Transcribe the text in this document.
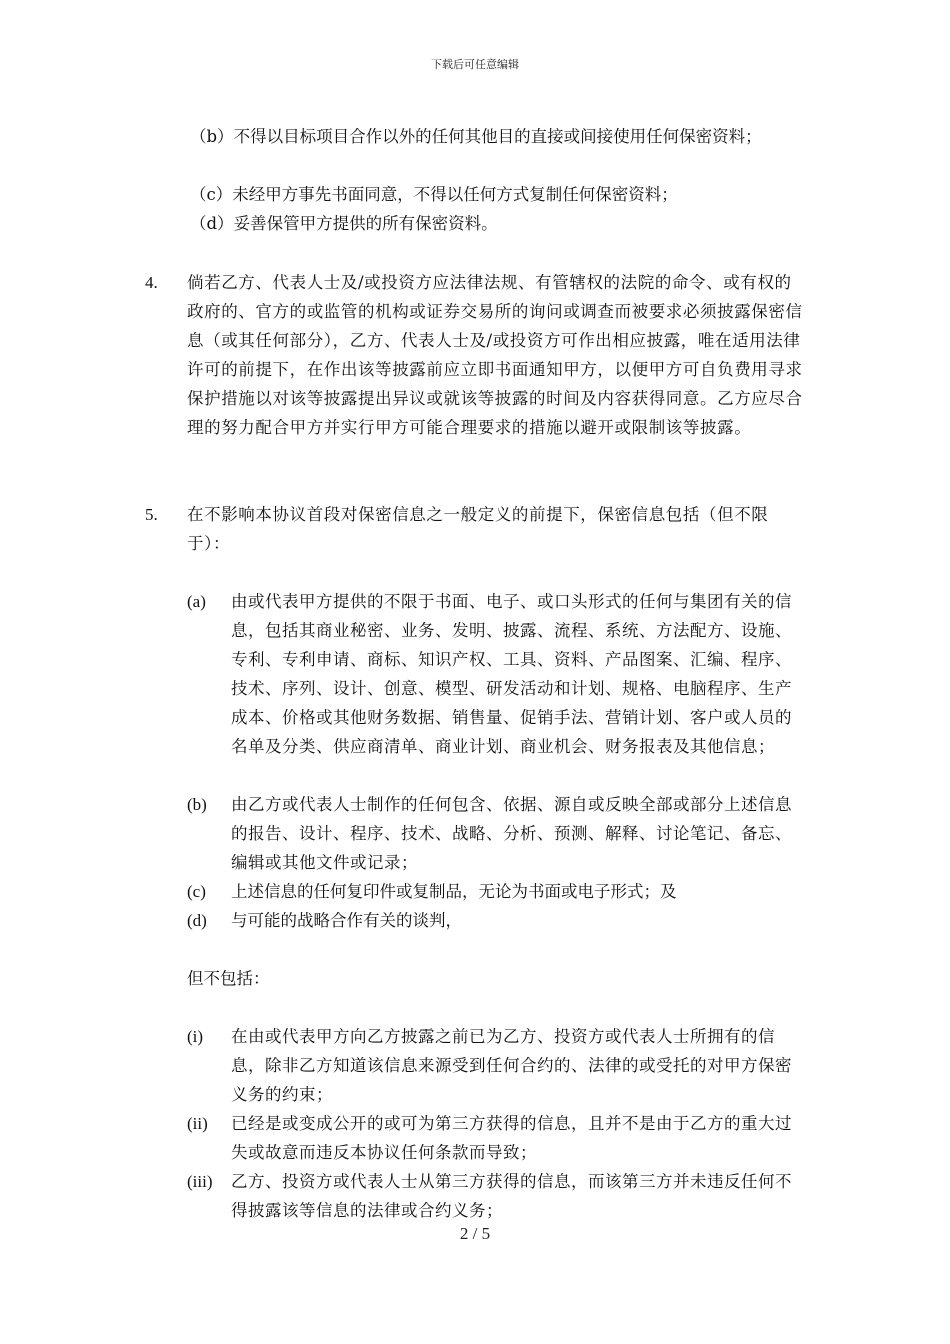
下载后可任意编辑
（b）不得以目标项目合作以外的任何其他目的直接或间接使用任何保密资料；
（c）未经甲方事先书面同意，不得以任何方式复制任何保密资料；
（d）妥善保管甲方提供的所有保密资料。
4. 倘若乙方、代表人士及/或投资方应法律法规、有管辖权的法院的命令、或有权的政府的、官方的或监管的机构或证券交易所的询问或调查而被要求必须披露保密信息（或其任何部分），乙方、代表人士及/或投资方可作出相应披露，唯在适用法律许可的前提下，在作出该等披露前应立即书面通知甲方，以便甲方可自负费用寻求保护措施以对该等披露提出异议或就该等披露的时间及内容获得同意。乙方应尽合理的努力配合甲方并实行甲方可能合理要求的措施以避开或限制该等披露。
5. 在不影响本协议首段对保密信息之一般定义的前提下，保密信息包括（但不限于）：
(a) 由或代表甲方提供的不限于书面、电子、或口头形式的任何与集团有关的信息，包括其商业秘密、业务、发明、披露、流程、系统、方法配方、设施、专利、专利申请、商标、知识产权、工具、资料、产品图案、汇编、程序、技术、序列、设计、创意、模型、研发活动和计划、规格、电脑程序、生产成本、价格或其他财务数据、销售量、促销手法、营销计划、客户或人员的名单及分类、供应商清单、商业计划、商业机会、财务报表及其他信息；
(b) 由乙方或代表人士制作的任何包含、依据、源自或反映全部或部分上述信息的报告、设计、程序、技术、战略、分析、预测、解释、讨论笔记、备忘、编辑或其他文件或记录；
(c) 上述信息的任何复印件或复制品，无论为书面或电子形式；及
(d) 与可能的战略合作有关的谈判，
但不包括：
(i) 在由或代表甲方向乙方披露之前已为乙方、投资方或代表人士所拥有的信息，除非乙方知道该信息来源受到任何合约的、法律的或受托的对甲方保密义务的约束；
(ii) 已经是或变成公开的或可为第三方获得的信息，且并不是由于乙方的重大过失或故意而违反本协议任何条款而导致；
(iii) 乙方、投资方或代表人士从第三方获得的信息，而该第三方并未违反任何不得披露该等信息的法律或合约义务；
2 / 5
